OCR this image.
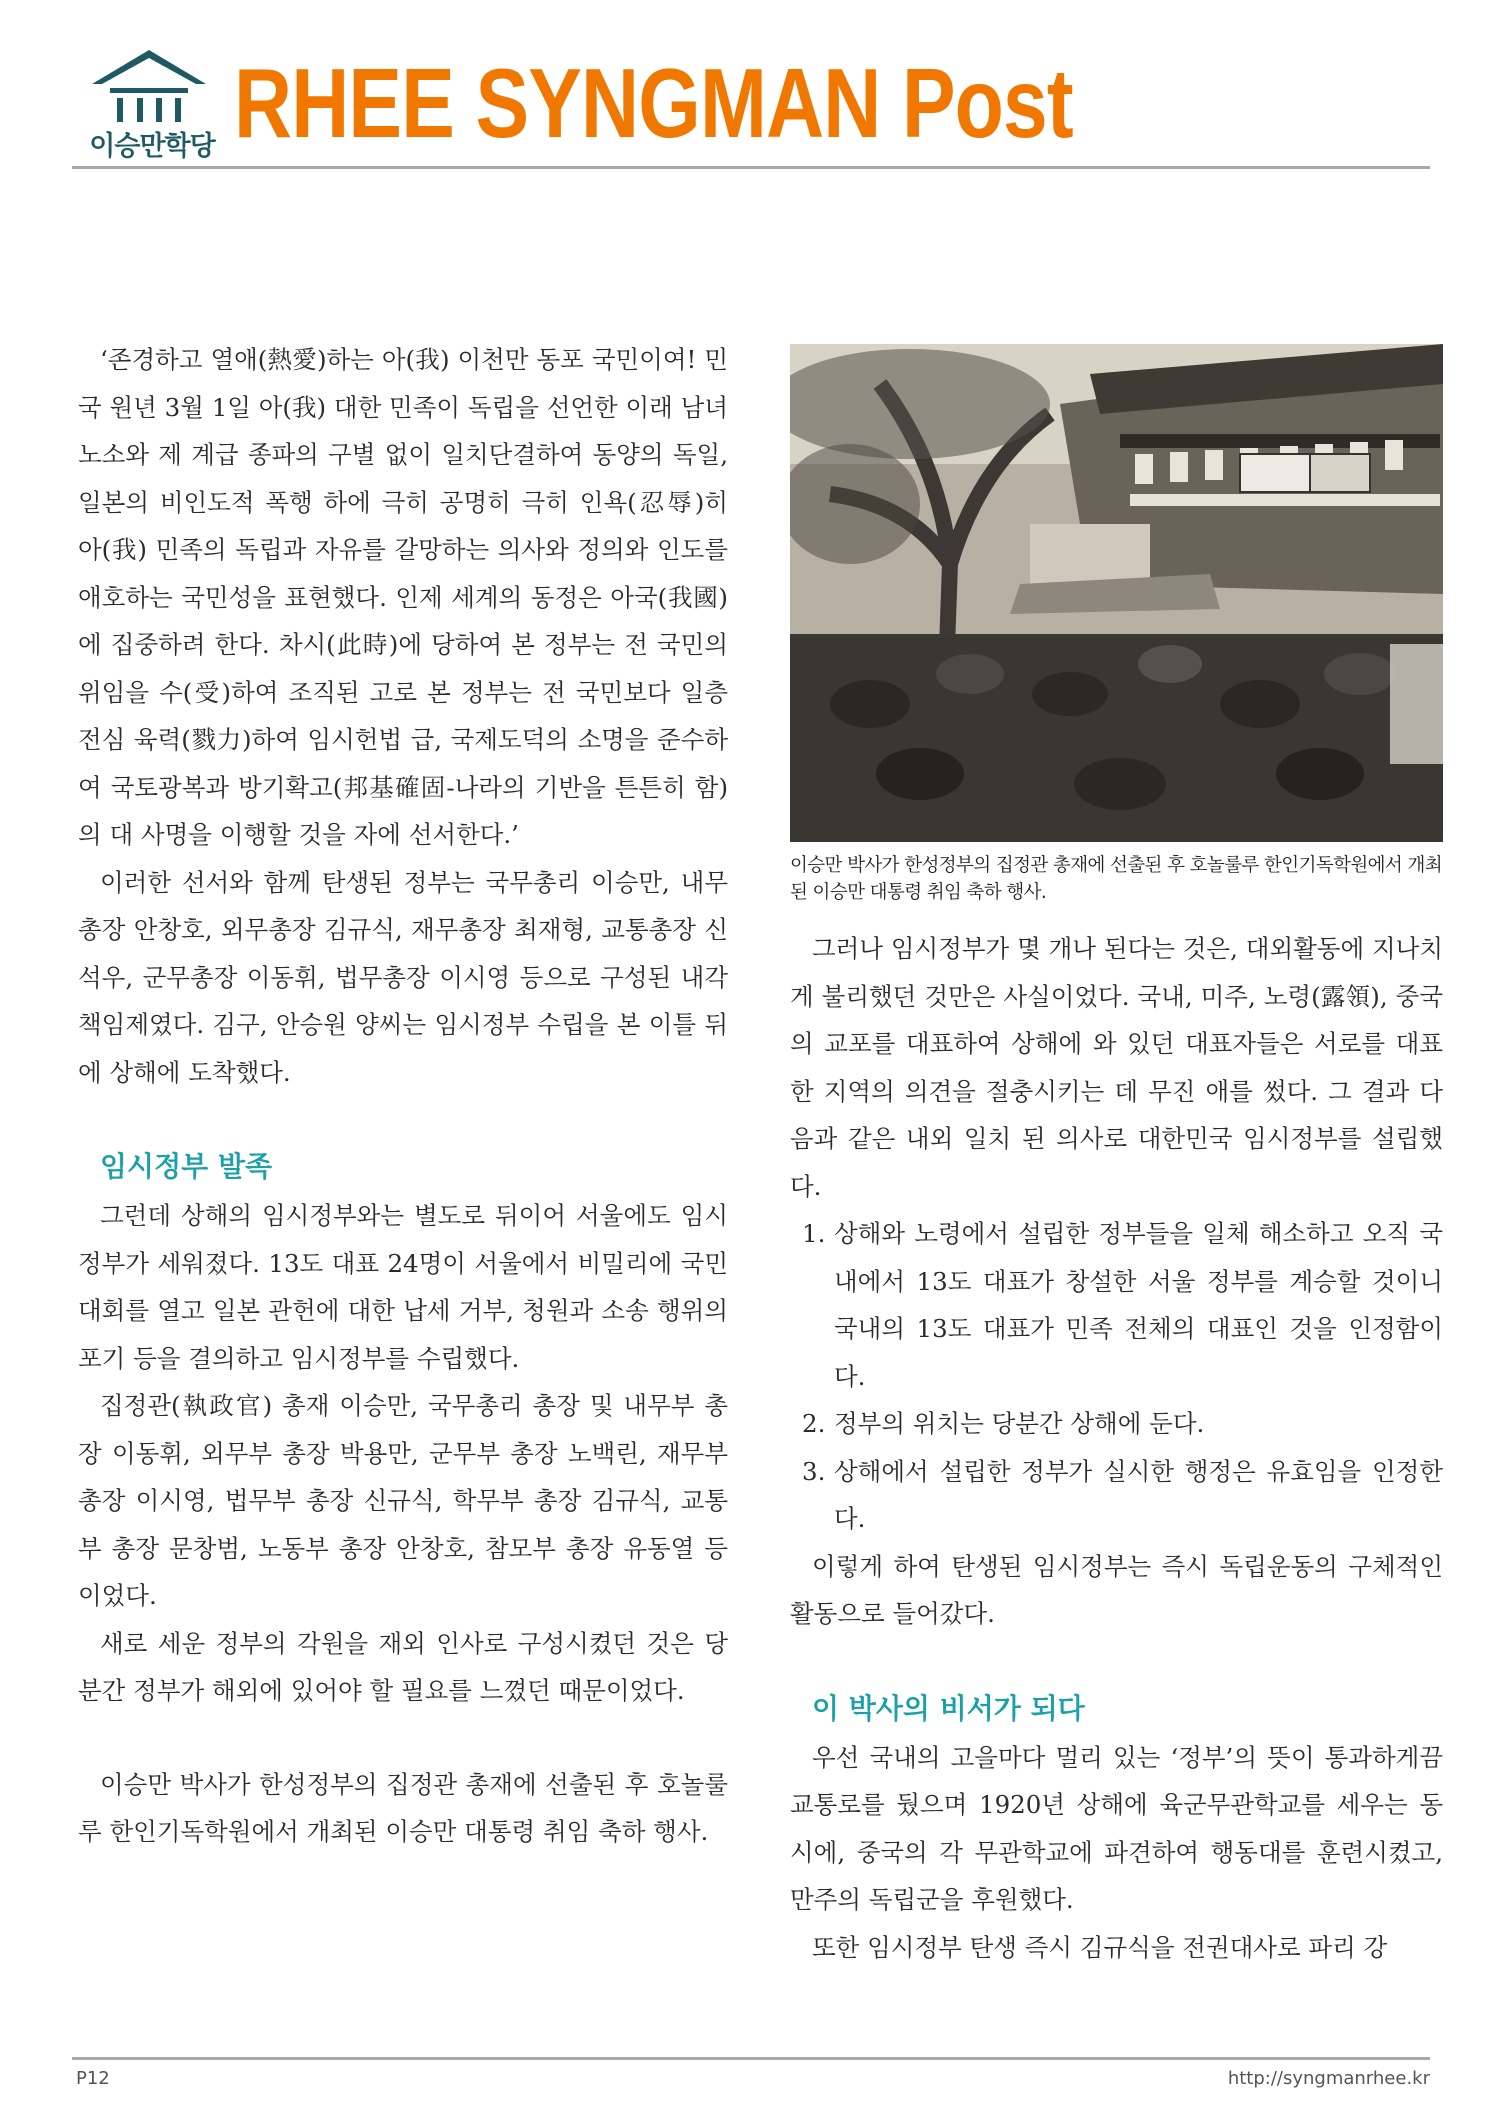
이승만학당 RHEE SYNGMAN Post

‘존경하고 열애(熱愛)하는 아(我) 이천만 동포 국민이여! 민국 원년 3월 1일 아(我) 대한 민족이 독립을 선언한 이래 남녀노소와 제 계급 종파의 구별 없이 일치단결하여 동양의 독일, 일본의 비인도적 폭행 하에 극히 공명히 극히 인욕(忍辱)히 아(我) 민족의 독립과 자유를 갈망하는 의사와 정의와 인도를 애호하는 국민성을 표현했다. 인제 세계의 동정은 아국(我國)에 집중하려 한다. 차시(此時)에 당하여 본 정부는 전 국민의 위임을 수(受)하여 조직된 고로 본 정부는 전 국민보다 일층 전심 육력(戮力)하여 임시헌법 급, 국제도덕의 소명을 준수하여 국토광복과 방기확고(邦基確固-나라의 기반을 튼튼히 함)의 대 사명을 이행할 것을 자에 선서한다.’

이러한 선서와 함께 탄생된 정부는 국무총리 이승만, 내무총장 안창호, 외무총장 김규식, 재무총장 최재형, 교통총장 신석우, 군무총장 이동휘, 법무총장 이시영 등으로 구성된 내각책임제였다. 김구, 안승원 양씨는 임시정부 수립을 본 이틀 뒤에 상해에 도착했다.

임시정부 발족

그런데 상해의 임시정부와는 별도로 뒤이어 서울에도 임시정부가 세워졌다. 13도 대표 24명이 서울에서 비밀리에 국민대회를 열고 일본 관헌에 대한 납세 거부, 청원과 소송 행위의 포기 등을 결의하고 임시정부를 수립했다.

집정관(執政官) 총재 이승만, 국무총리 총장 및 내무부 총장 이동휘, 외무부 총장 박용만, 군무부 총장 노백린, 재무부 총장 이시영, 법무부 총장 신규식, 학무부 총장 김규식, 교통부 총장 문창범, 노동부 총장 안창호, 참모부 총장 유동열 등이었다.

새로 세운 정부의 각원을 재외 인사로 구성시켰던 것은 당분간 정부가 해외에 있어야 할 필요를 느꼈던 때문이었다.

이승만 박사가 한성정부의 집정관 총재에 선출된 후 호놀룰루 한인기독학원에서 개최된 이승만 대통령 취임 축하 행사.

이승만 박사가 한성정부의 집정관 총재에 선출된 후 호놀룰루 한인기독학원에서 개최된 이승만 대통령 취임 축하 행사.

그러나 임시정부가 몇 개나 된다는 것은, 대외활동에 지나치게 불리했던 것만은 사실이었다. 국내, 미주, 노령(露領), 중국의 교포를 대표하여 상해에 와 있던 대표자들은 서로를 대표한 지역의 의견을 절충시키는 데 무진 애를 썼다. 그 결과 다음과 같은 내외 일치 된 의사로 대한민국 임시정부를 설립했다.

1. 상해와 노령에서 설립한 정부들을 일체 해소하고 오직 국내에서 13도 대표가 창설한 서울 정부를 계승할 것이니 국내의 13도 대표가 민족 전체의 대표인 것을 인정함이다.
2. 정부의 위치는 당분간 상해에 둔다.
3. 상해에서 설립한 정부가 실시한 행정은 유효임을 인정한다.

이렇게 하여 탄생된 임시정부는 즉시 독립운동의 구체적인 활동으로 들어갔다.

이 박사의 비서가 되다

우선 국내의 고을마다 멀리 있는 ‘정부’의 뜻이 통과하게끔 교통로를 뒀으며 1920년 상해에 육군무관학교를 세우는 동시에, 중국의 각 무관학교에 파견하여 행동대를 훈련시켰고, 만주의 독립군을 후원했다.

또한 임시정부 탄생 즉시 김규식을 전권대사로 파리 강

P12	http://syngmanrhee.kr
